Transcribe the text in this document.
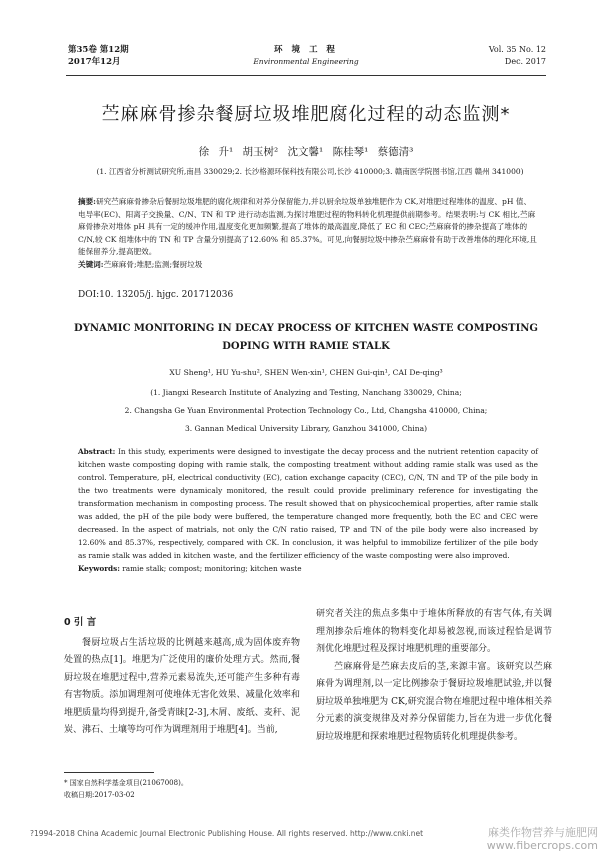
第35卷 第12期
2017年12月
环 境 工 程
Environmental Engineering
Vol. 35 No. 12
Dec. 2017
苎麻麻骨掺杂餐厨垃圾堆肥腐化过程的动态监测*
徐 升¹ 胡玉树² 沈文馨¹ 陈桂琴¹ 蔡德清³
(1. 江西省分析测试研究所,南昌 330029;2. 长沙格源环保科技有限公司,长沙 410000;3. 赣南医学院图书馆,江西 赣州 341000)

摘要:研究苎麻麻骨掺杂后餐厨垃圾堆肥的腐化规律和对养分保留能力,并以厨余垃圾单独堆肥作为 CK,对堆肥过程堆体的温度、pH 值、电导率(EC)、阳离子交换量、C/N、TN 和 TP 进行动态监测,为探讨堆肥过程的物料转化机理提供前期参考。结果表明:与 CK 相比,苎麻麻骨掺杂对堆体 pH 具有一定的缓冲作用,温度变化更加频繁,提高了堆体的最高温度,降低了 EC 和 CEC;苎麻麻骨的掺杂提高了堆体的 C/N,较 CK 组堆体中的 TN 和 TP 含量分别提高了12.60% 和 85.37%。可见,向餐厨垃圾中掺杂苎麻麻骨有助于改善堆体的理化环境,且能保留养分,提高肥效。

关键词:苎麻麻骨;堆肥;监测;餐厨垃圾

DOI:10. 13205/j. hjgc. 201712036
DYNAMIC MONITORING IN DECAY PROCESS OF KITCHEN WASTE COMPOSTING
DOPING WITH RAMIE STALK
XU Sheng¹, HU Yu-shu², SHEN Wen-xin¹, CHEN Gui-qin¹, CAI De-qing³
(1. Jiangxi Research Institute of Analyzing and Testing, Nanchang 330029, China;
2. Changsha Ge Yuan Environmental Protection Technology Co., Ltd, Changsha 410000, China;
3. Gannan Medical University Library, Ganzhou 341000, China)

Abstract: In this study, experiments were designed to investigate the decay process and the nutrient retention capacity of kitchen waste composting doping with ramie stalk, the composting treatment without adding ramie stalk was used as the control. Temperature, pH, electrical conductivity (EC), cation exchange capacity (CEC), C/N, TN and TP of the pile body in the two treatments were dynamicaly monitored, the result could provide preliminary reference for investigating the transformation mechanism in composting process. The result showed that on physicochemical properties, after ramie stalk was added, the pH of the pile body were buffered, the temperature changed more frequently, both the EC and CEC were decreased. In the aspect of matrials, not only the C/N ratio raised, TP and TN of the pile body were also increased by 12.60% and 85.37%, respectively, compared with CK. In conclusion, it was helpful to immobilize fertilizer of the pile body as ramie stalk was added in kitchen waste, and the fertilizer efficiency of the waste composting were also improved.

Keywords: ramie stalk; compost; monitoring; kitchen waste

0 引 言

餐厨垃圾占生活垃圾的比例越来越高,成为固体废弃物处置的热点[1]。堆肥为广泛使用的廉价处理方式。然而,餐厨垃圾在堆肥过程中,营养元素易流失,还可能产生多种有毒有害物质。添加调理剂可使堆体无害化效果、减量化效率和堆肥质量均得到提升,备受青睐[2-3],木屑、废纸、麦秆、泥炭、沸石、土壤等均可作为调理剂用于堆肥[4]。当前,

研究者关注的焦点多集中于堆体所释放的有害气体,有关调理剂掺杂后堆体的物料变化却易被忽视,而该过程恰是调节剂优化堆肥过程及探讨堆肥机理的重要部分。

苎麻麻骨是苎麻去皮后的茎,来源丰富。该研究以苎麻麻骨为调理剂,以一定比例掺杂于餐厨垃圾堆肥试验,并以餐厨垃圾单独堆肥为 CK,研究混合物在堆肥过程中堆体相关养分元素的演变规律及对养分保留能力,旨在为进一步优化餐厨垃圾堆肥和探索堆肥过程物质转化机理提供参考。

* 国家自然科学基金项目(21067008)。
收稿日期:2017-03-02
?1994-2018 China Academic Journal Electronic Publishing House. All rights reserved. http://www.cnki.net	麻类作物营养与施肥网
www.fibercrops.com
